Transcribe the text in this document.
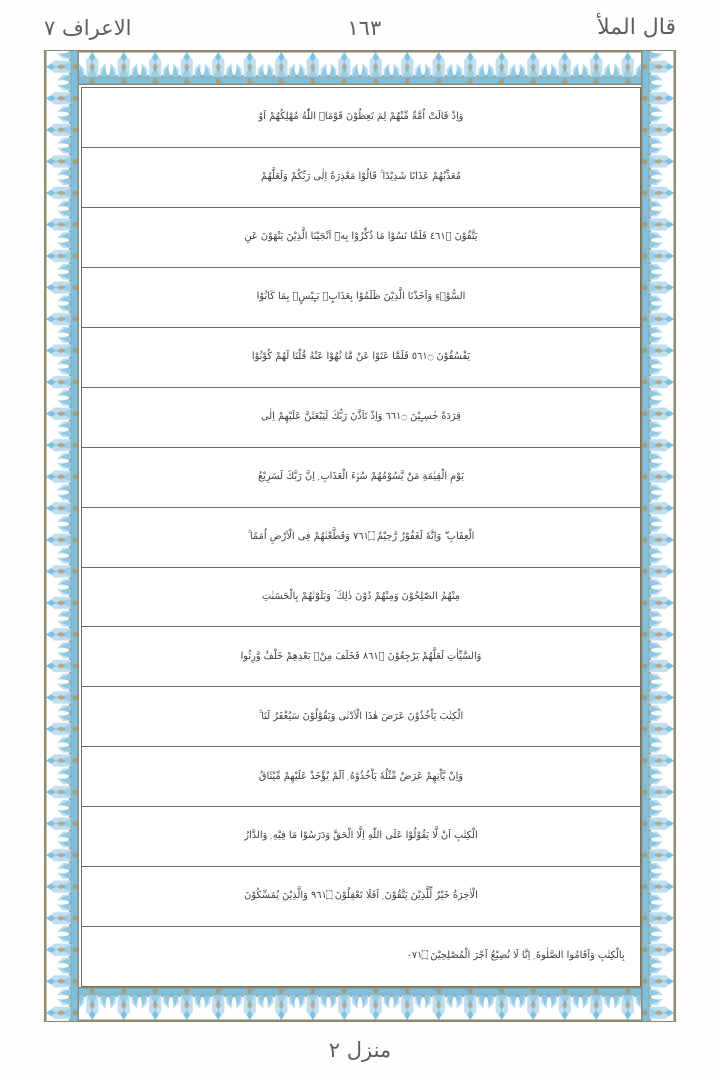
قال الملأ
١٦٣
الاعراف ٧
وَاِذْ قَالَتْ اُمَّةٌ مِّنْهُمْ لِمَ تَعِظُوْنَ قَوْمَاۨ اللّٰهُ مُهْلِكُهُمْ اَوْ
مُعَذِّبُهُمْ عَذَابًا شَدِيْدًا ۚ قَالُوْا مَعْذِرَةً اِلٰى رَبِّكُمْ وَلَعَلَّهُمْ
يَتَّقُوْنَ ۝١٦٤ فَلَمَّا نَسُوْا مَا ذُكِّرُوْا بِهٖٓ اَنْجَيْنَا الَّذِيْنَ يَنْهَوْنَ عَنِ
السُّوْۤءِ وَاَخَذْنَا الَّذِيْنَ ظَلَمُوْا بِعَذَابٍۭ بَـِٕيْسٍۭ بِمَا كَانُوْا
يَفْسُقُوْنَ ۝١٦٥ فَلَمَّا عَتَوْا عَنْ مَّا نُهُوْا عَنْهُ قُلْنَا لَهُمْ كُوْنُوْا
قِرَدَةً خٰسِـِٕيْنَ ۝١٦٦ وَاِذْ تَاَذَّنَ رَبُّكَ لَيَبْعَثَنَّ عَلَيْهِمْ اِلٰى
يَوْمِ الْقِيٰمَةِ مَنْ يَّسُوْمُهُمْ سُوْۤءَ الْعَذَابِ ۭ اِنَّ رَبَّكَ لَسَرِيْعُ
الْعِقَابِ ۖ وَاِنَّهٗ لَغَفُوْرٌ رَّحِيْمٌ ۝١٦٧ وَقَطَّعْنٰهُمْ فِى الْاَرْضِ اُمَمًا ۚ
مِنْهُمُ الصّٰلِحُوْنَ وَمِنْهُمْ دُوْنَ ذٰلِكَ ۡ وَبَلَوْنٰهُمْ بِالْحَسَنٰتِ
وَالسَّيِّاٰتِ لَعَلَّهُمْ يَرْجِعُوْنَ ۝١٦٨ فَخَلَفَ مِنْۢ بَعْدِهِمْ خَلْفٌ وَّرِثُوا
الْكِتٰبَ يَاْخُذُوْنَ عَرَضَ هٰذَا الْاَدْنٰى وَيَقُوْلُوْنَ سَيُغْفَرُ لَنَا ۚ
وَاِنْ يَّاْتِهِمْ عَرَضٌ مِّثْلُهٗ يَاْخُذُوْهُ ۭ اَلَمْ يُؤْخَذْ عَلَيْهِمْ مِّيْثَاقُ
الْكِتٰبِ اَنْ لَّا يَقُوْلُوْا عَلَى اللّٰهِ اِلَّا الْحَقَّ وَدَرَسُوْا مَا فِيْهِ ۭ وَالدَّارُ
الْاٰخِرَةُ خَيْرٌ لِّلَّذِيْنَ يَتَّقُوْنَ ۭ اَفَلَا تَعْقِلُوْنَ ۝١٦٩ وَالَّذِيْنَ يُمَسِّكُوْنَ
بِالْكِتٰبِ وَاَقَامُوا الصَّلٰوةَ ۭ اِنَّا لَا نُضِيْعُ اَجْرَ الْمُصْلِحِيْنَ ۝١٧٠
منزل ٢
